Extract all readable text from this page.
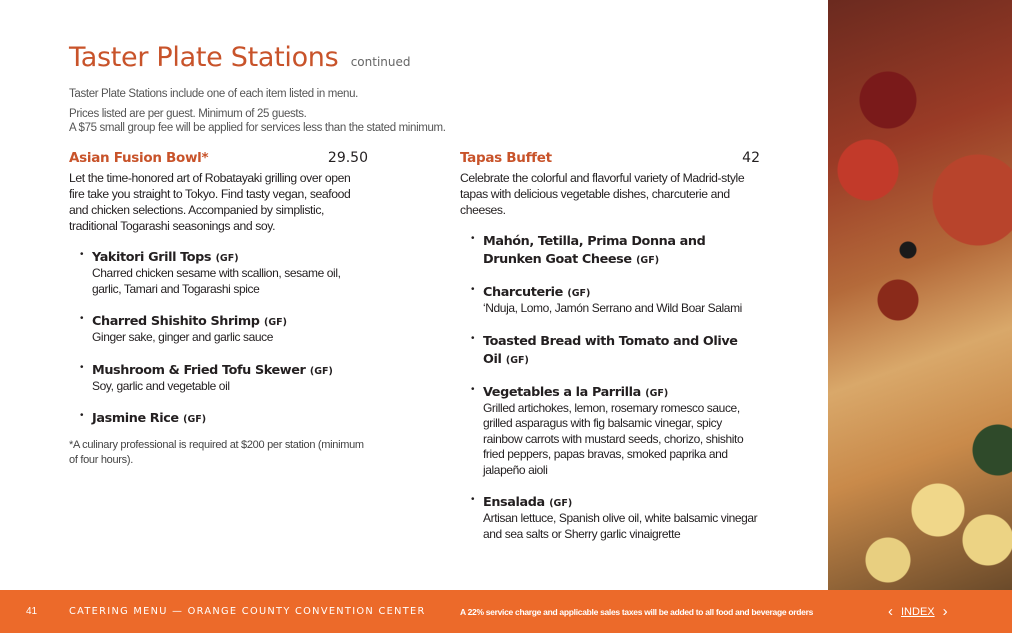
Taster Plate Stations continued
Taster Plate Stations include one of each item listed in menu.
Prices listed are per guest. Minimum of 25 guests.
A $75 small group fee will be applied for services less than the stated minimum.
Asian Fusion Bowl*	29.50
Let the time-honored art of Robatayaki grilling over open fire take you straight to Tokyo. Find tasty vegan, seafood and chicken selections. Accompanied by simplistic, traditional Togarashi seasonings and soy.
• Yakitori Grill Tops (GF)
Charred chicken sesame with scallion, sesame oil, garlic, Tamari and Togarashi spice
• Charred Shishito Shrimp (GF)
Ginger sake, ginger and garlic sauce
• Mushroom & Fried Tofu Skewer (GF)
Soy, garlic and vegetable oil
• Jasmine Rice (GF)
*A culinary professional is required at $200 per station (minimum of four hours).
Tapas Buffet	42
Celebrate the colorful and flavorful variety of Madrid-style tapas with delicious vegetable dishes, charcuterie and cheeses.
• Mahón, Tetilla, Prima Donna and Drunken Goat Cheese (GF)
• Charcuterie (GF)
‘Nduja, Lomo, Jamón Serrano and Wild Boar Salami
• Toasted Bread with Tomato and Olive Oil (GF)
• Vegetables a la Parrilla (GF)
Grilled artichokes, lemon, rosemary romesco sauce, grilled asparagus with fig balsamic vinegar, spicy rainbow carrots with mustard seeds, chorizo, shishito fried peppers, papas bravas, smoked paprika and jalapeño aioli
• Ensalada (GF)
Artisan lettuce, Spanish olive oil, white balsamic vinegar and sea salts or Sherry garlic vinaigrette
41	CATERING MENU — ORANGE COUNTY CONVENTION CENTER	A 22% service charge and applicable sales taxes will be added to all food and beverage orders	‹ INDEX ›
